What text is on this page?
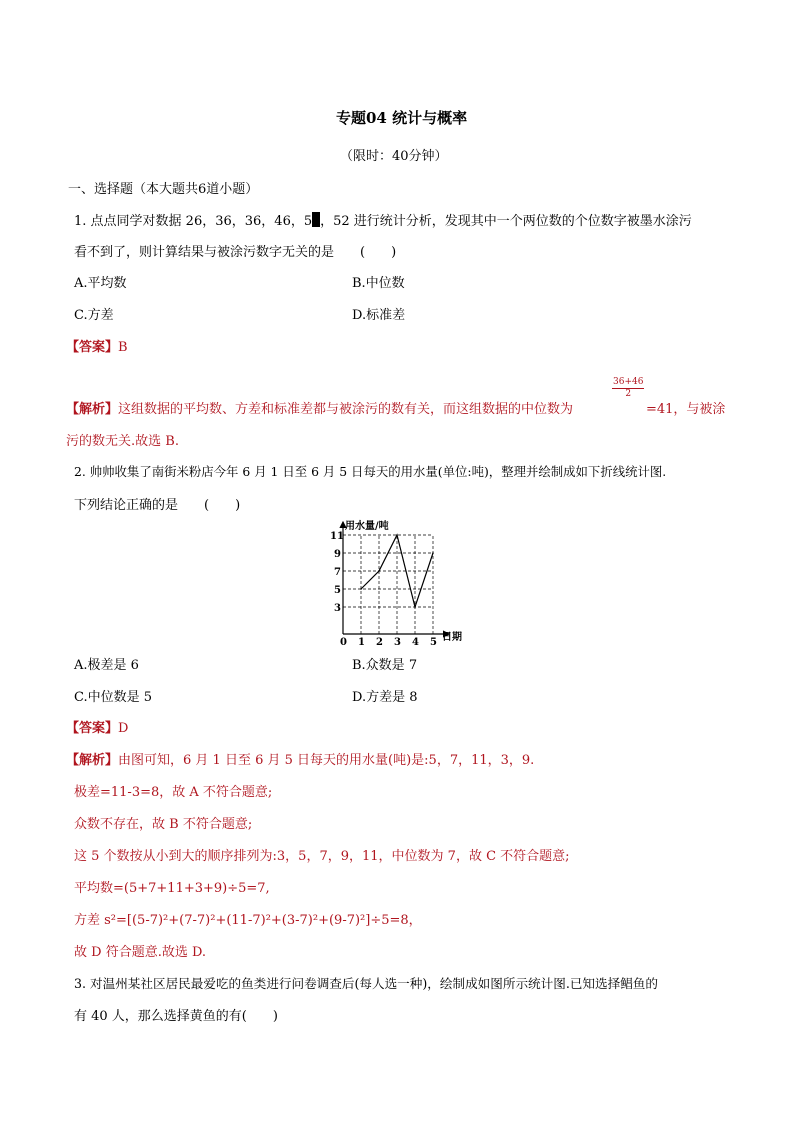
专题04 统计与概率
（限时：40分钟）
一、选择题（本大题共6道小题）
1. 点点同学对数据 26，36，36，46，5 ，52 进行统计分析，发现其中一个两位数的个位数字被墨水涂污
看不到了，则计算结果与被涂污数字无关的是　　(　　)
A.平均数	B.中位数
C.方差	D.标准差
【答案】B
【解析】这组数据的平均数、方差和标准差都与被涂污的数有关，而这组数据的中位数为
$\frac{36+46}{2}$
=41，与被涂
污的数无关.故选 B.
2. 帅帅收集了南街米粉店今年 6 月 1 日至 6 月 5 日每天的用水量(单位:吨)，整理并绘制成如下折线统计图.
下列结论正确的是　　(　　)
0 1 2 3 4 5
3
5
7
9
11
用水量/吨
日期
A.极差是 6	B.众数是 7
C.中位数是 5	D.方差是 8
【答案】D
【解析】由图可知，6 月 1 日至 6 月 5 日每天的用水量(吨)是:5，7，11，3，9.
极差=11-3=8，故 A 不符合题意;
众数不存在，故 B 不符合题意;
这 5 个数按从小到大的顺序排列为:3，5，7，9，11，中位数为 7，故 C 不符合题意;
平均数=(5+7+11+3+9)÷5=7,
方差 s²=[(5-7)²+(7-7)²+(11-7)²+(3-7)²+(9-7)²]÷5=8，
故 D 符合题意.故选 D.
3. 对温州某社区居民最爱吃的鱼类进行问卷调查后(每人选一种)，绘制成如图所示统计图.已知选择鲳鱼的
有 40 人，那么选择黄鱼的有(　　)
